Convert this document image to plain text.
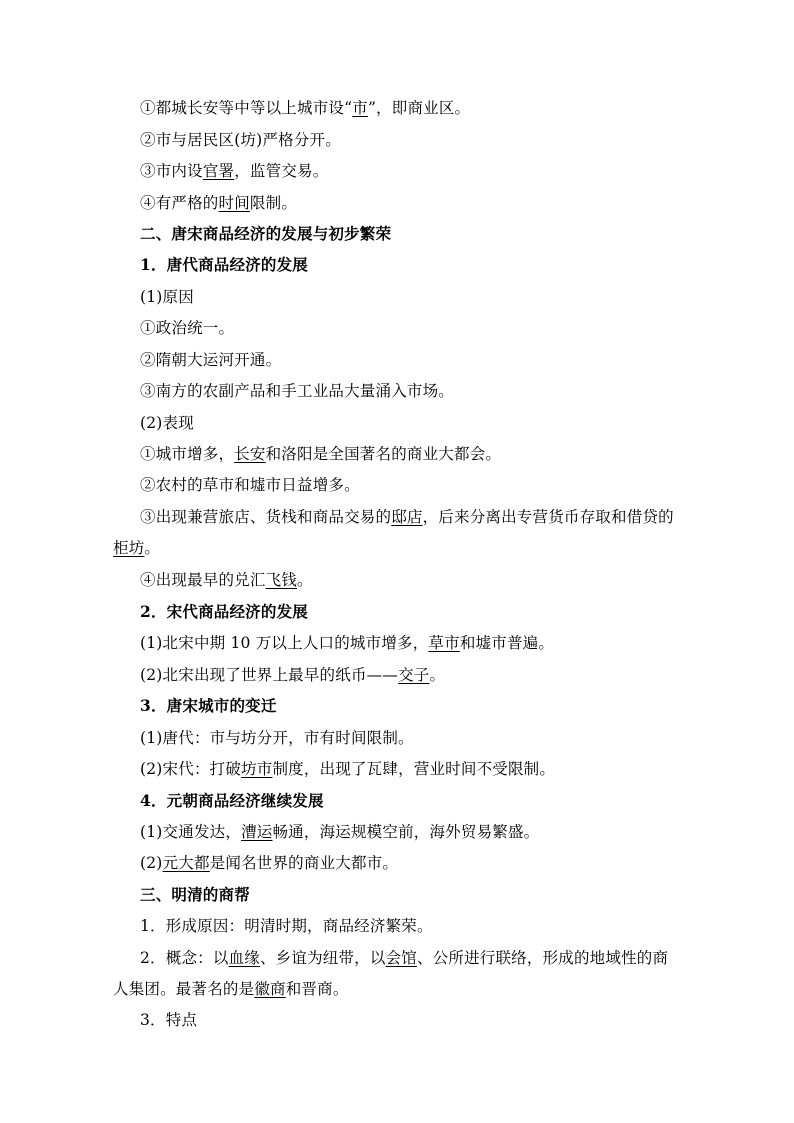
①都城长安等中等以上城市设“市”，即商业区。
②市与居民区(坊)严格分开。
③市内设官署，监管交易。
④有严格的时间限制。
二、唐宋商品经济的发展与初步繁荣
1．唐代商品经济的发展
(1)原因
①政治统一。
②隋朝大运河开通。
③南方的农副产品和手工业品大量涌入市场。
(2)表现
①城市增多，长安和洛阳是全国著名的商业大都会。
②农村的草市和墟市日益增多。
③出现兼营旅店、货栈和商品交易的邸店，后来分离出专营货币存取和借贷的
柜坊。
④出现最早的兑汇飞钱。
2．宋代商品经济的发展
(1)北宋中期 10 万以上人口的城市增多，草市和墟市普遍。
(2)北宋出现了世界上最早的纸币——交子。
3．唐宋城市的变迁
(1)唐代：市与坊分开，市有时间限制。
(2)宋代：打破坊市制度，出现了瓦肆，营业时间不受限制。
4．元朝商品经济继续发展
(1)交通发达，漕运畅通，海运规模空前，海外贸易繁盛。
(2)元大都是闻名世界的商业大都市。
三、明清的商帮
1．形成原因：明清时期，商品经济繁荣。
2．概念：以血缘、乡谊为纽带，以会馆、公所进行联络，形成的地域性的商
人集团。最著名的是徽商和晋商。
3．特点
